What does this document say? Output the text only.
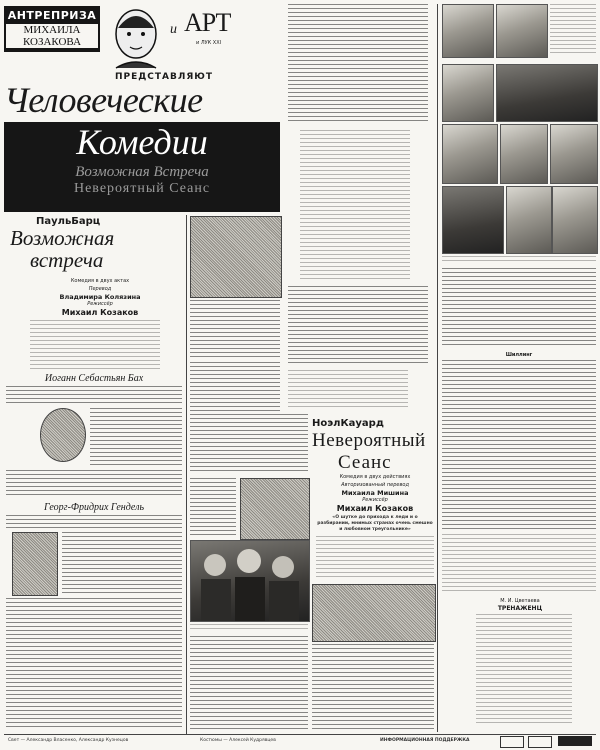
АНТРЕПРИЗА
МИХАИЛА
КОЗАКОВА
и АРТ
и ЛУК ХХI
ПРЕДСТАВЛЯЮТ
Человеческие
Комедии
Возможная Встреча
Невероятный Сеанс
ПаульБарц
Возможная
встреча
Комедия в двух актах
Перевод
Владимира Колязина
Режиссёр
Михаил Козаков
Иоганн Себастьян Бах
Георг-Фридрих Гендель
НоэлКауард
Невероятный
Сеанс
Комедия в двух действиях
Авторизованный перевод
Михаила Мишина
Режиссёр
Михаил Козаков
«О шутке до прихода к леди и о разбирании, мнимых странах очень смешно и любовном треугольнике»
Шиллинг
М. И. Цветаева
ТРЕНАЖЕНЦ
Свет — Александр Власенко, Александр Кузнецов	Костюмы — Алексей Кудрявцев	ИНФОРМАЦИОННАЯ ПОДДЕРЖКА
